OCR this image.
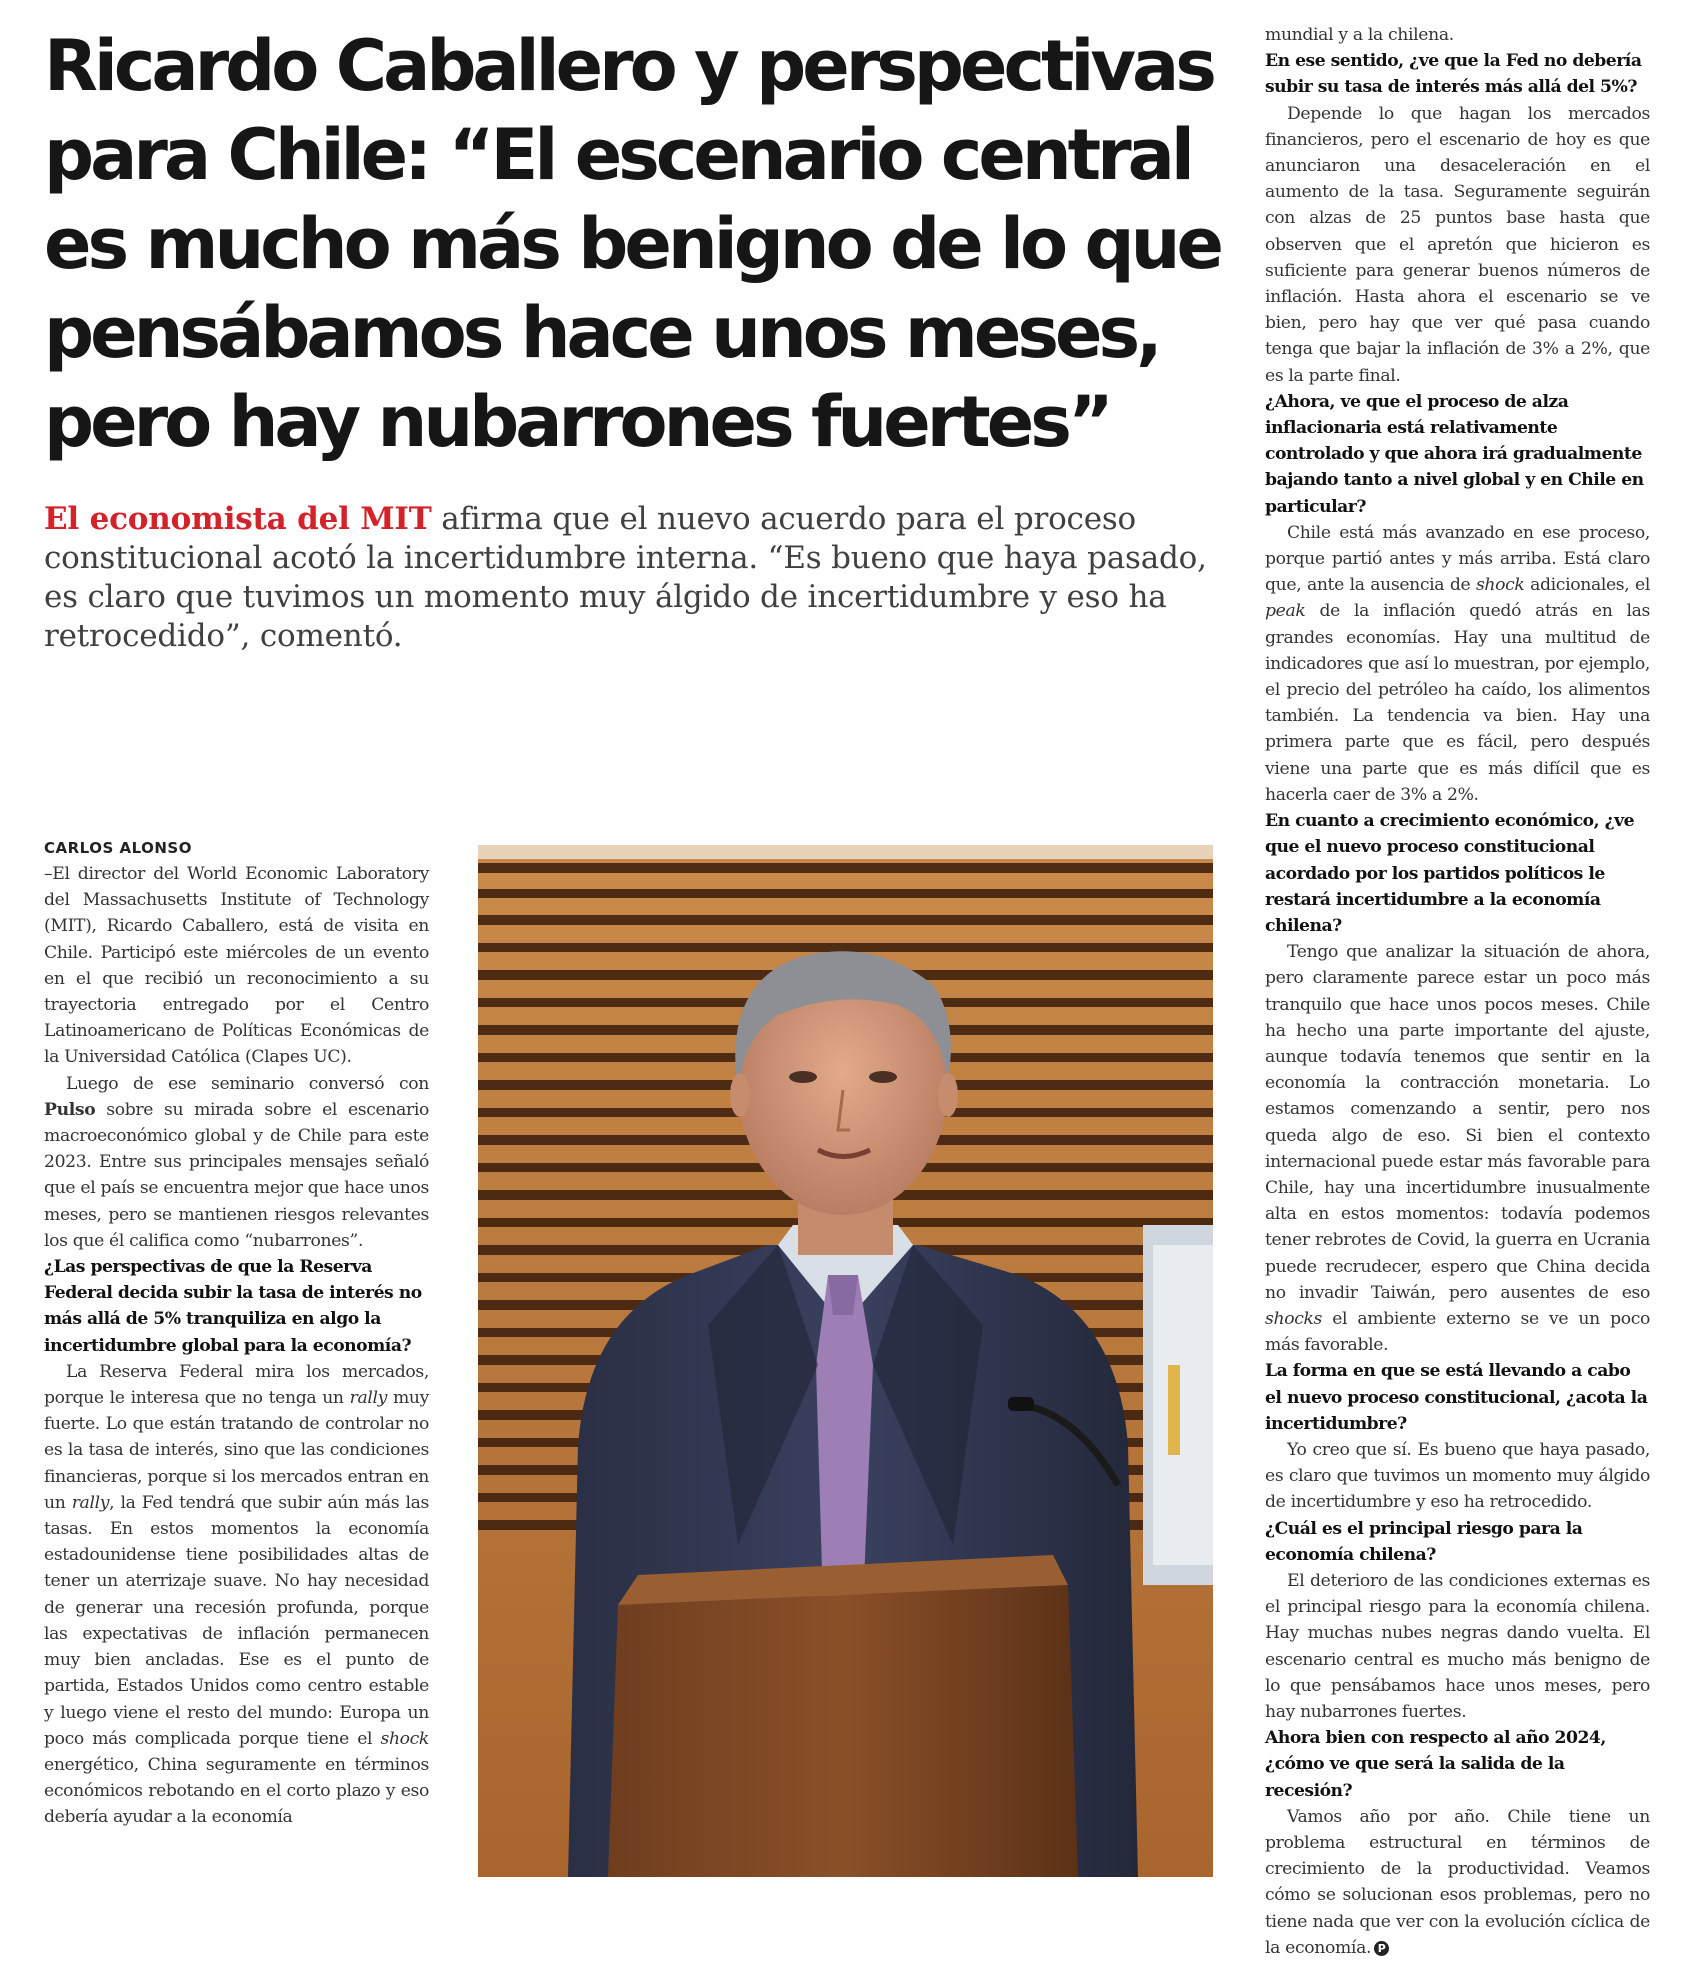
Ricardo Caballero y perspectivas para Chile: “El escenario central es mucho más benigno de lo que pensábamos hace unos meses, pero hay nubarrones fuertes”

El economista del MIT afirma que el nuevo acuerdo para el proceso constitucional acotó la incertidumbre interna. “Es bueno que haya pasado, es claro que tuvimos un momento muy álgido de incertidumbre y eso ha retrocedido”, comentó.

CARLOS ALONSO

–El director del World Economic Laboratory del Massachusetts Institute of Technology (MIT), Ricardo Caballero, está de visita en Chile. Participó este miércoles de un evento en el que recibió un reconocimiento a su trayectoria entregado por el Centro Latinoamericano de Políticas Económicas de la Universidad Católica (Clapes UC).

Luego de ese seminario conversó con Pulso sobre su mirada sobre el escenario macroeconómico global y de Chile para este 2023. Entre sus principales mensajes señaló que el país se encuentra mejor que hace unos meses, pero se mantienen riesgos relevantes los que él califica como “nubarrones”.

¿Las perspectivas de que la Reserva Federal decida subir la tasa de interés no más allá de 5% tranquiliza en algo la incertidumbre global para la economía?

La Reserva Federal mira los mercados, porque le interesa que no tenga un rally muy fuerte. Lo que están tratando de controlar no es la tasa de interés, sino que las condiciones financieras, porque si los mercados entran en un rally, la Fed tendrá que subir aún más las tasas. En estos momentos la economía estadounidense tiene posibilidades altas de tener un aterrizaje suave. No hay necesidad de generar una recesión profunda, porque las expectativas de inflación permanecen muy bien ancladas. Ese es el punto de partida, Estados Unidos como centro estable y luego viene el resto del mundo: Europa un poco más complicada porque tiene el shock energético, China seguramente en términos económicos rebotando en el corto plazo y eso debería ayudar a la economía

mundial y a la chilena.

En ese sentido, ¿ve que la Fed no debería subir su tasa de interés más allá del 5%?

Depende lo que hagan los mercados financieros, pero el escenario de hoy es que anunciaron una desaceleración en el aumento de la tasa. Seguramente seguirán con alzas de 25 puntos base hasta que observen que el apretón que hicieron es suficiente para generar buenos números de inflación. Hasta ahora el escenario se ve bien, pero hay que ver qué pasa cuando tenga que bajar la inflación de 3% a 2%, que es la parte final.

¿Ahora, ve que el proceso de alza inflacionaria está relativamente controlado y que ahora irá gradualmente bajando tanto a nivel global y en Chile en particular?

Chile está más avanzado en ese proceso, porque partió antes y más arriba. Está claro que, ante la ausencia de shock adicionales, el peak de la inflación quedó atrás en las grandes economías. Hay una multitud de indicadores que así lo muestran, por ejemplo, el precio del petróleo ha caído, los alimentos también. La tendencia va bien. Hay una primera parte que es fácil, pero después viene una parte que es más difícil que es hacerla caer de 3% a 2%.

En cuanto a crecimiento económico, ¿ve que el nuevo proceso constitucional acordado por los partidos políticos le restará incertidumbre a la economía chilena?

Tengo que analizar la situación de ahora, pero claramente parece estar un poco más tranquilo que hace unos pocos meses. Chile ha hecho una parte importante del ajuste, aunque todavía tenemos que sentir en la economía la contracción monetaria. Lo estamos comenzando a sentir, pero nos queda algo de eso. Si bien el contexto internacional puede estar más favorable para Chile, hay una incertidumbre inusualmente alta en estos momentos: todavía podemos tener rebrotes de Covid, la guerra en Ucrania puede recrudecer, espero que China decida no invadir Taiwán, pero ausentes de eso shocks el ambiente externo se ve un poco más favorable.

La forma en que se está llevando a cabo el nuevo proceso constitucional, ¿acota la incertidumbre?

Yo creo que sí. Es bueno que haya pasado, es claro que tuvimos un momento muy álgido de incertidumbre y eso ha retrocedido.

¿Cuál es el principal riesgo para la economía chilena?

El deterioro de las condiciones externas es el principal riesgo para la economía chilena. Hay muchas nubes negras dando vuelta. El escenario central es mucho más benigno de lo que pensábamos hace unos meses, pero hay nubarrones fuertes.

Ahora bien con respecto al año 2024, ¿cómo ve que será la salida de la recesión?

Vamos año por año. Chile tiene un problema estructural en términos de crecimiento de la productividad. Veamos cómo se solucionan esos problemas, pero no tiene nada que ver con la evolución cíclica de la economía. P
